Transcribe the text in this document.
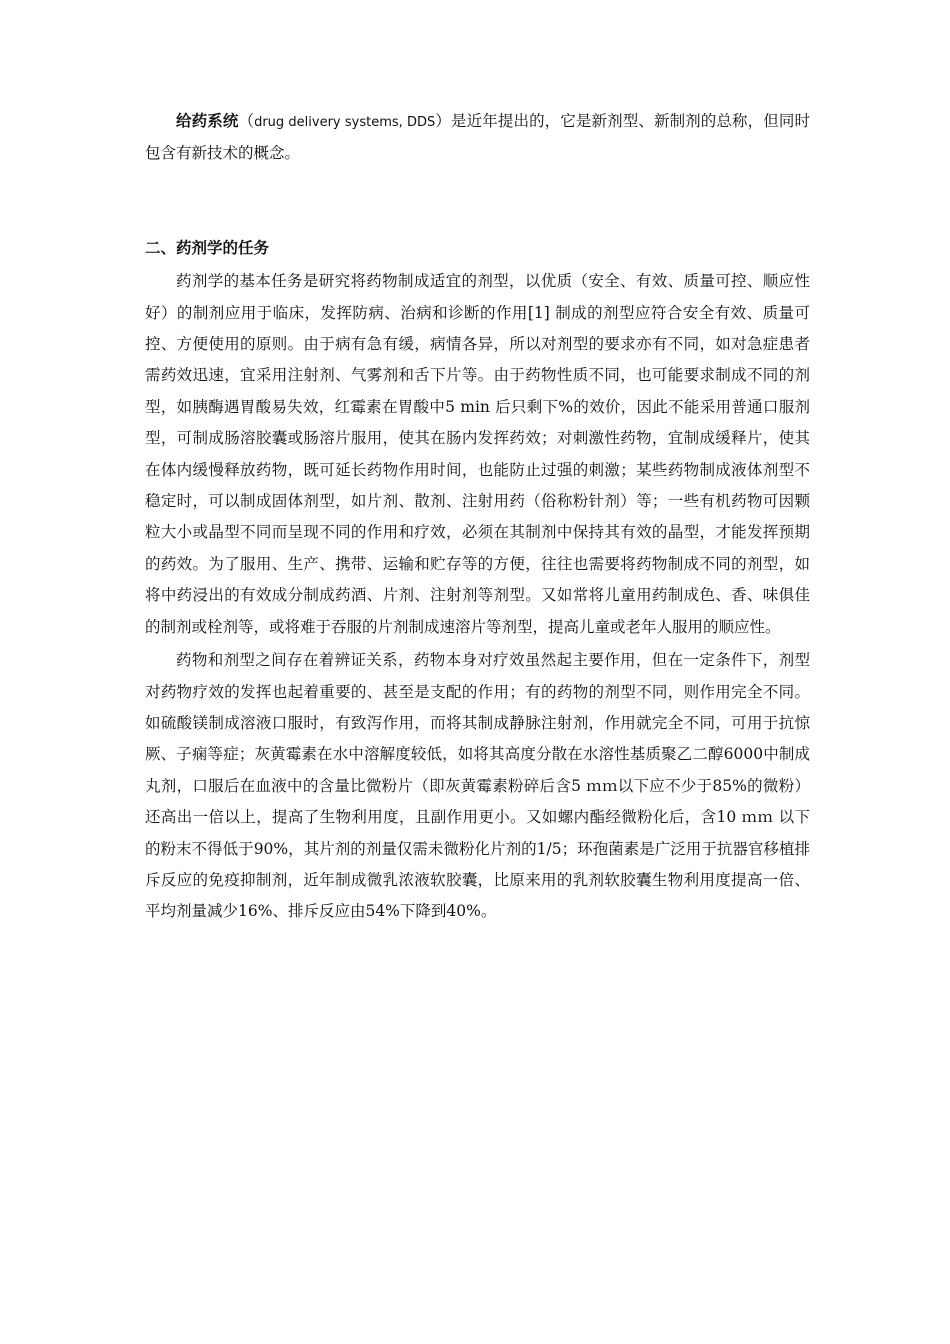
给药系统（drug delivery systems, DDS）是近年提出的，它是新剂型、新制剂的总称，但同时包含有新技术的概念。

二、药剂学的任务

药剂学的基本任务是研究将药物制成适宜的剂型，以优质（安全、有效、质量可控、顺应性好）的制剂应用于临床，发挥防病、治病和诊断的作用[1] 制成的剂型应符合安全有效、质量可控、方便使用的原则。由于病有急有缓，病情各异，所以对剂型的要求亦有不同，如对急症患者需药效迅速，宜采用注射剂、气雾剂和舌下片等。由于药物性质不同，也可能要求制成不同的剂型，如胰酶遇胃酸易失效，红霉素在胃酸中5 min 后只剩下%的效价，因此不能采用普通口服剂型，可制成肠溶胶囊或肠溶片服用，使其在肠内发挥药效；对刺激性药物，宜制成缓释片，使其在体内缓慢释放药物，既可延长药物作用时间，也能防止过强的刺激；某些药物制成液体剂型不稳定时，可以制成固体剂型，如片剂、散剂、注射用药（俗称粉针剂）等；一些有机药物可因颗粒大小或晶型不同而呈现不同的作用和疗效，必须在其制剂中保持其有效的晶型，才能发挥预期的药效。为了服用、生产、携带、运输和贮存等的方便，往往也需要将药物制成不同的剂型，如将中药浸出的有效成分制成药酒、片剂、注射剂等剂型。又如常将儿童用药制成色、香、味俱佳的制剂或栓剂等，或将难于吞服的片剂制成速溶片等剂型，提高儿童或老年人服用的顺应性。

药物和剂型之间存在着辨证关系，药物本身对疗效虽然起主要作用，但在一定条件下，剂型对药物疗效的发挥也起着重要的、甚至是支配的作用；有的药物的剂型不同，则作用完全不同。如硫酸镁制成溶液口服时，有致泻作用，而将其制成静脉注射剂，作用就完全不同，可用于抗惊厥、子痫等症；灰黄霉素在水中溶解度较低，如将其高度分散在水溶性基质聚乙二醇6000中制成丸剂，口服后在血液中的含量比微粉片（即灰黄霉素粉碎后含5 ｍｍ以下应不少于85%的微粉）还高出一倍以上，提高了生物利用度，且副作用更小。又如螺内酯经微粉化后，含10 ｍｍ 以下的粉末不得低于90%，其片剂的剂量仅需未微粉化片剂的1/5；环孢菌素是广泛用于抗器官移植排斥反应的免疫抑制剂，近年制成微乳浓液软胶囊，比原来用的乳剂软胶囊生物利用度提高一倍、平均剂量减少16%、排斥反应由54%下降到40%。
